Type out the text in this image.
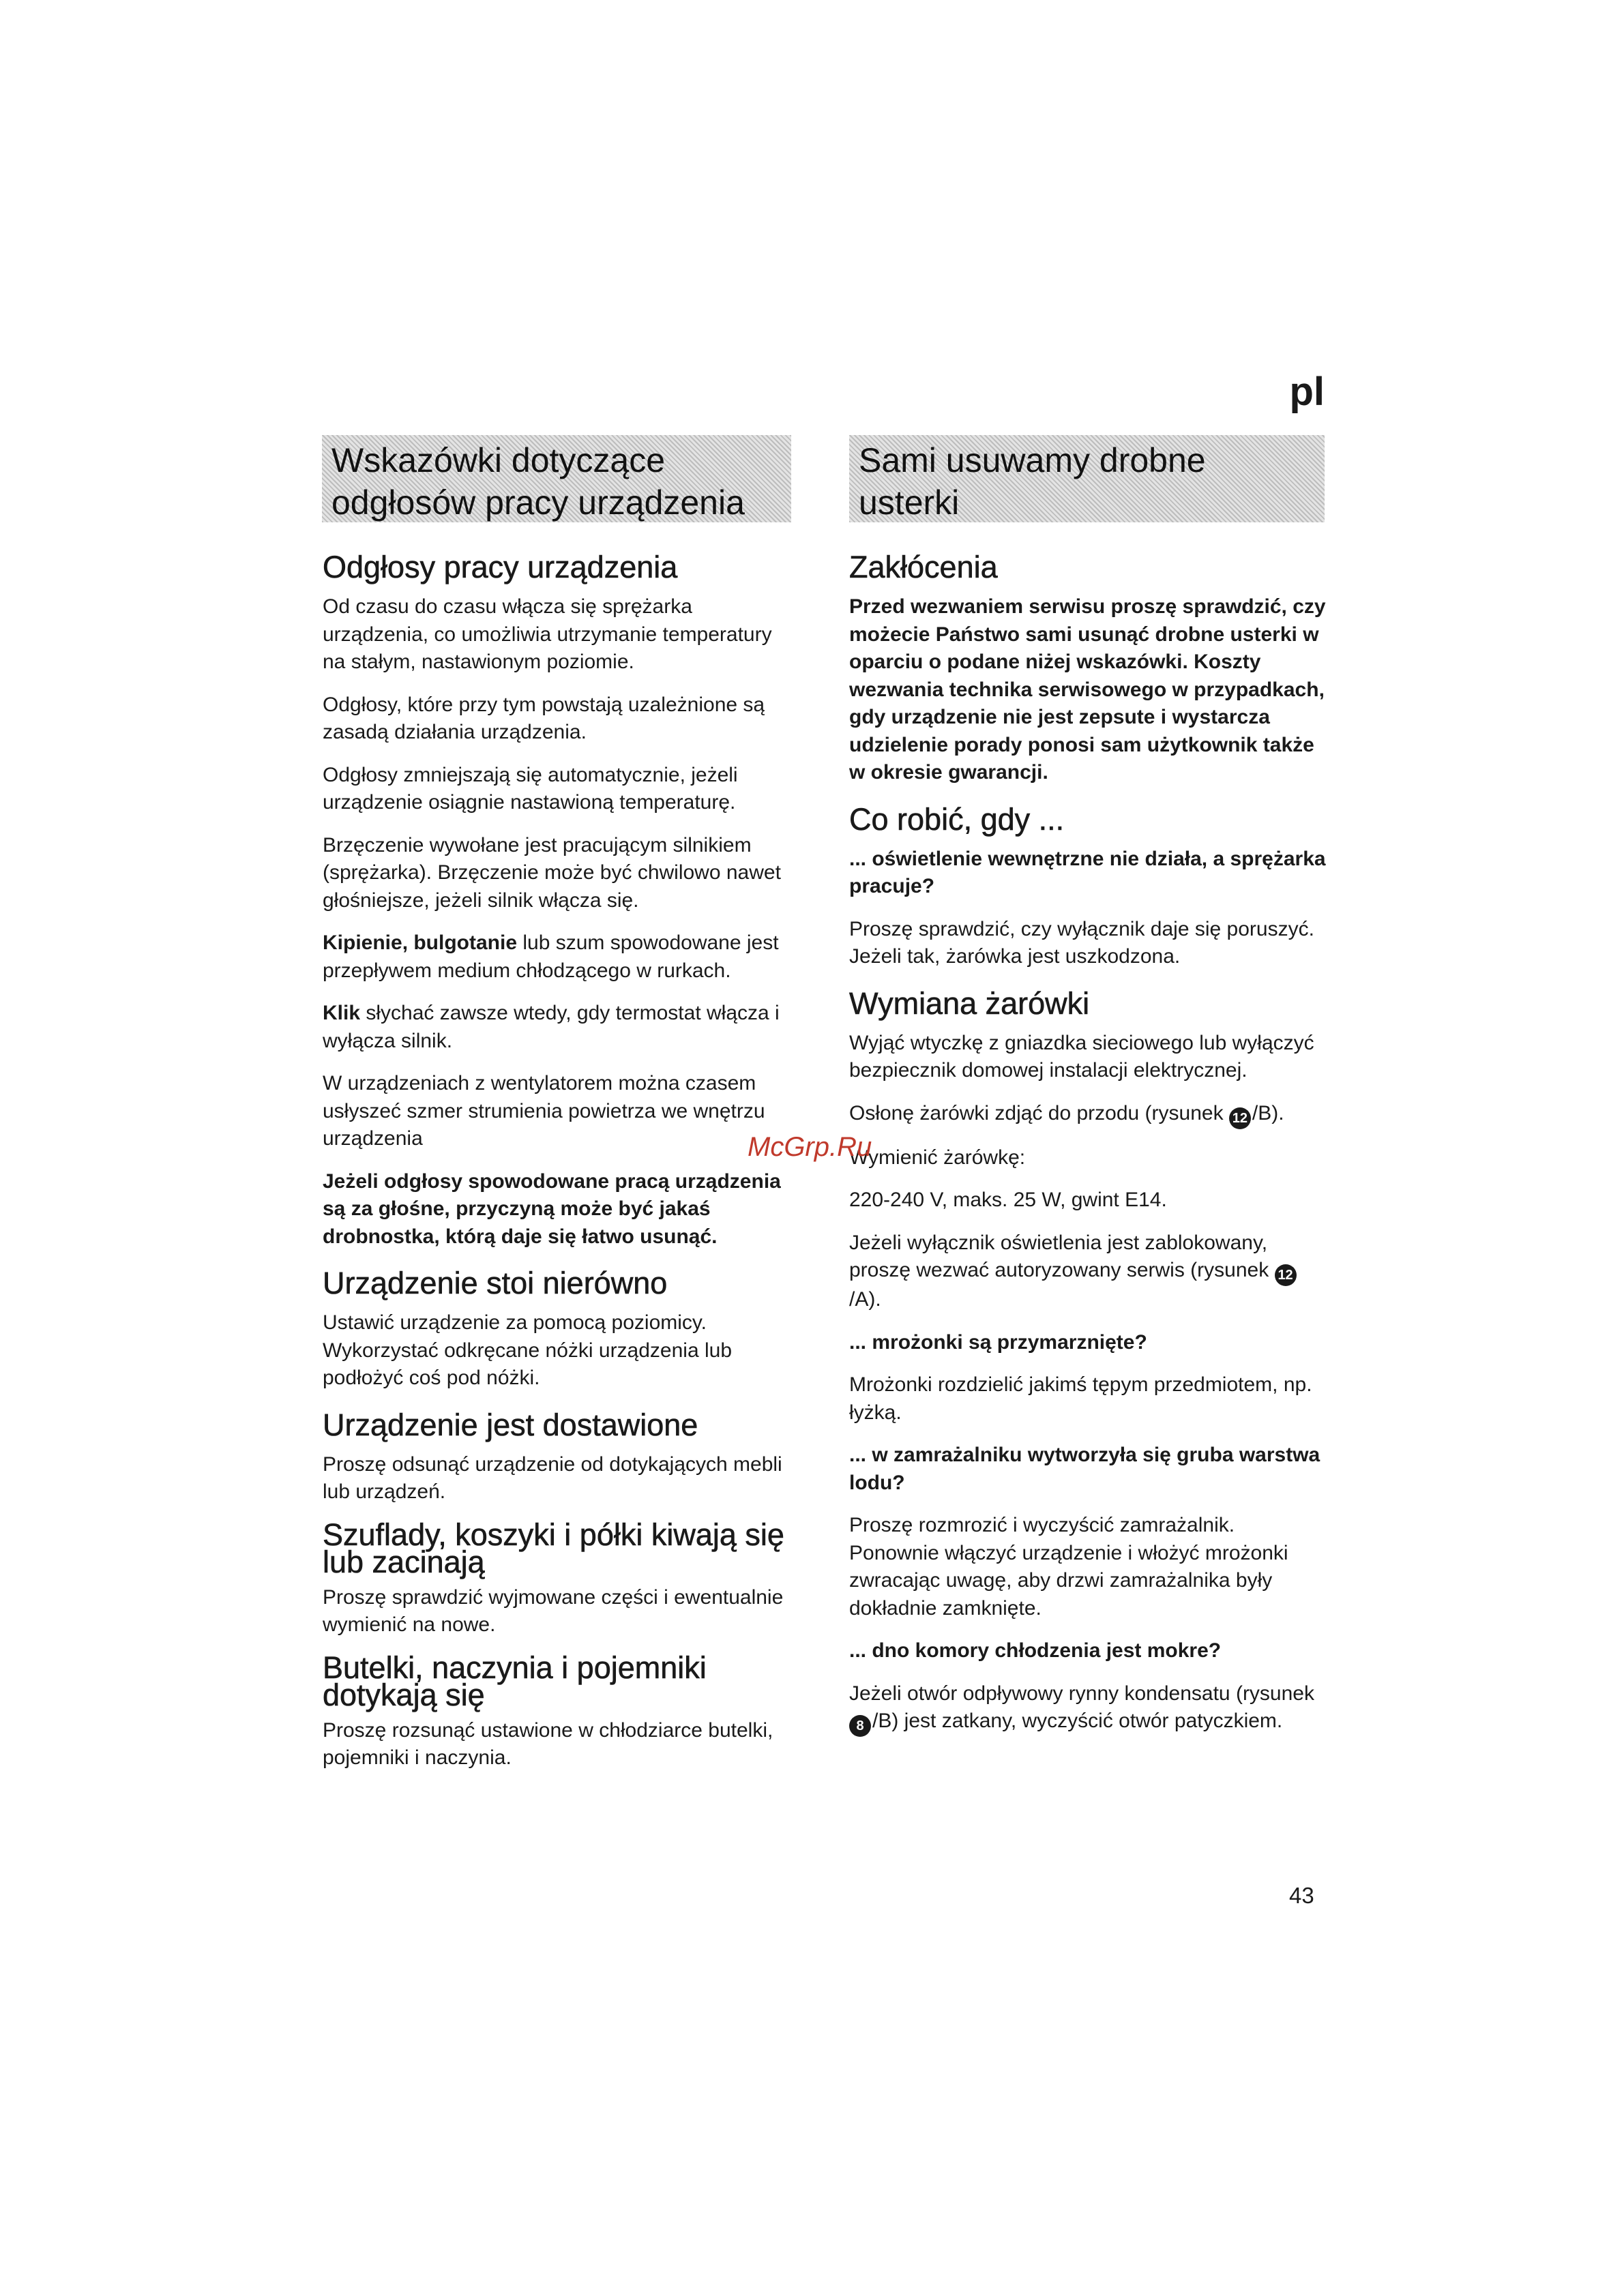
pl
Wskazówki dotyczące
odgłosów pracy urządzenia
Sami usuwamy drobne
usterki
Odgłosy pracy urządzenia

Od czasu do czasu włącza się sprężarka urządzenia, co umożliwia utrzymanie temperatury na stałym, nastawionym poziomie.

Odgłosy, które przy tym powstają uzależnione są zasadą działania urządzenia.

Odgłosy zmniejszają się automatycznie, jeżeli urządzenie osiągnie nastawioną temperaturę.

Brzęczenie wywołane jest pracującym silnikiem (sprężarka). Brzęczenie może być chwilowo nawet głośniejsze, jeżeli silnik włącza się.

Kipienie, bulgotanie lub szum spowodowane jest przepływem medium chłodzącego w rurkach.

Klik słychać zawsze wtedy, gdy termostat włącza i wyłącza silnik.

W urządzeniach z wentylatorem można czasem usłyszeć szmer strumienia powietrza we wnętrzu urządzenia

Jeżeli odgłosy spowodowane pracą urządzenia są za głośne, przyczyną może być jakaś drobnostka, którą daje się łatwo usunąć.

Urządzenie stoi nierówno

Ustawić urządzenie za pomocą poziomicy. Wykorzystać odkręcane nóżki urządzenia lub podłożyć coś pod nóżki.

Urządzenie jest dostawione

Proszę odsunąć urządzenie od dotykających mebli lub urządzeń.

Szuflady, koszyki i półki kiwają się lub zacinają

Proszę sprawdzić wyjmowane części i ewentualnie wymienić na nowe.

Butelki, naczynia i pojemniki dotykają się

Proszę rozsunąć ustawione w chłodziarce butelki, pojemniki i naczynia.

Zakłócenia

Przed wezwaniem serwisu proszę sprawdzić, czy możecie Państwo sami usunąć drobne usterki w oparciu o podane niżej wskazówki. Koszty wezwania technika serwisowego w przypadkach, gdy urządzenie nie jest zepsute i wystarcza udzielenie porady ponosi sam użytkownik także w okresie gwarancji.

Co robić, gdy ...

... oświetlenie wewnętrzne nie działa, a sprężarka pracuje?

Proszę sprawdzić, czy wyłącznik daje się poruszyć. Jeżeli tak, żarówka jest uszkodzona.

Wymiana żarówki

Wyjąć wtyczkę z gniazdka sieciowego lub wyłączyć bezpiecznik domowej instalacji elektrycznej.

Osłonę żarówki zdjąć do przodu (rysunek 12 /B).

Wymienić żarówkę:

220-240 V, maks. 25 W, gwint E14.

Jeżeli wyłącznik oświetlenia jest zablokowany, proszę wezwać autoryzowany serwis (rysunek 12/A).

... mrożonki są przymarznięte?

Mrożonki rozdzielić jakimś tępym przedmiotem, np. łyżką.

... w zamrażalniku wytworzyła się gruba warstwa lodu?

Proszę rozmrozić i wyczyścić zamrażalnik. Ponownie włączyć urządzenie i włożyć mrożonki zwracając uwagę, aby drzwi zamrażalnika były dokładnie zamknięte.

... dno komory chłodzenia jest mokre?

Jeżeli otwór odpływowy rynny kondensatu (rysunek 8 /B) jest zatkany, wyczyścić otwór patyczkiem.

McGrp.Ru
43
